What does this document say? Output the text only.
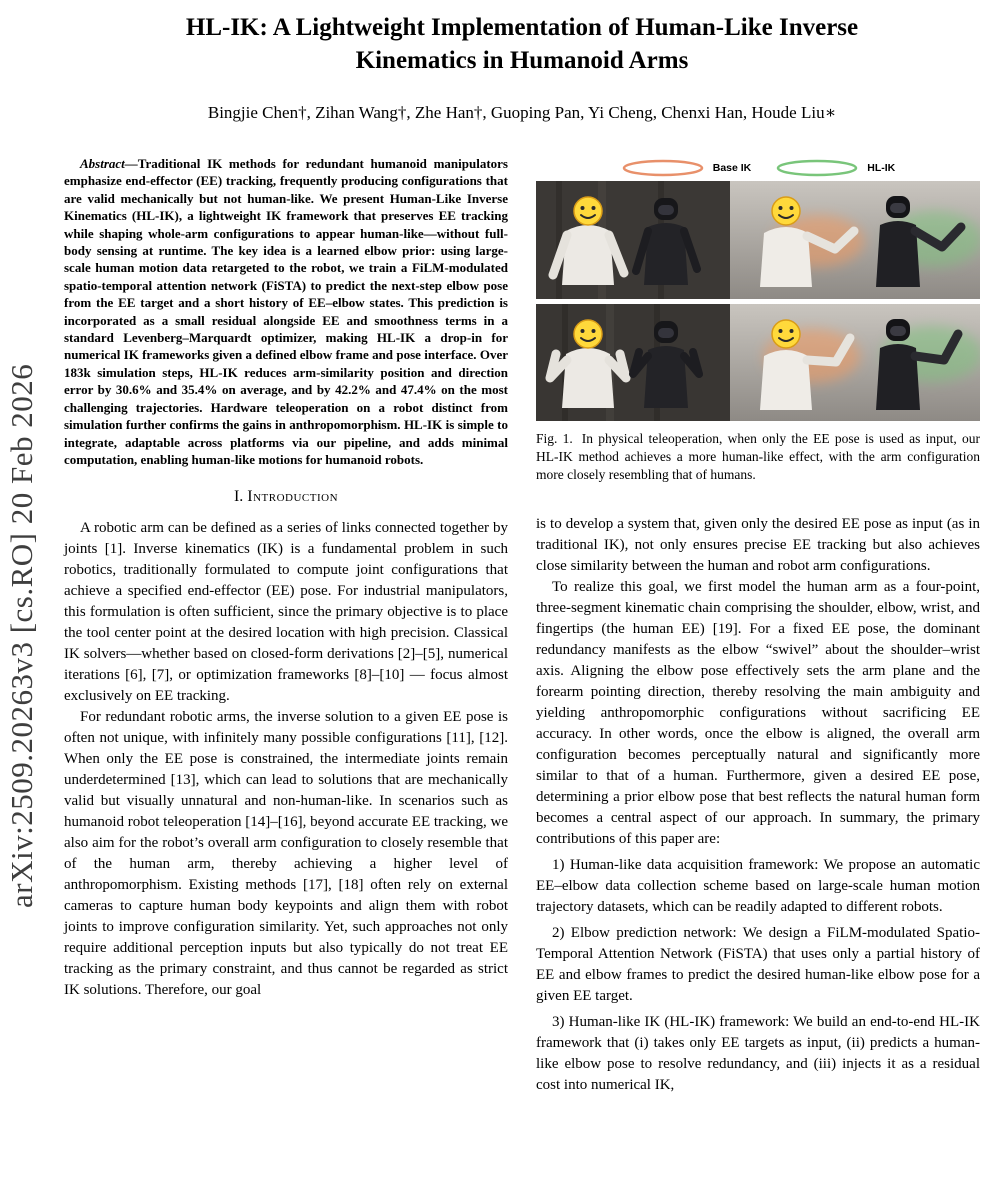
arXiv:2509.20263v3 [cs.RO] 20 Feb 2026
HL-IK: A Lightweight Implementation of Human-Like Inverse
Kinematics in Humanoid Arms
Bingjie Chen†, Zihan Wang†, Zhe Han†, Guoping Pan, Yi Cheng, Chenxi Han, Houde Liu∗

Abstract—Traditional IK methods for redundant humanoid manipulators emphasize end-effector (EE) tracking, frequently producing configurations that are valid mechanically but not human-like. We present Human-Like Inverse Kinematics (HL-IK), a lightweight IK framework that preserves EE tracking while shaping whole-arm configurations to appear human-like—without full-body sensing at runtime. The key idea is a learned elbow prior: using large-scale human motion data retargeted to the robot, we train a FiLM-modulated spatio-temporal attention network (FiSTA) to predict the next-step elbow pose from the EE target and a short history of EE–elbow states. This prediction is incorporated as a small residual alongside EE and smoothness terms in a standard Levenberg–Marquardt optimizer, making HL-IK a drop-in for numerical IK frameworks given a defined elbow frame and pose interface. Over 183k simulation steps, HL-IK reduces arm-similarity position and direction error by 30.6% and 35.4% on average, and by 42.2% and 47.4% on the most challenging trajectories. Hardware teleoperation on a robot distinct from simulation further confirms the gains in anthropomorphism. HL-IK is simple to integrate, adaptable across platforms via our pipeline, and adds minimal computation, enabling human-like motions for humanoid robots.

I. Introduction

A robotic arm can be defined as a series of links connected together by joints [1]. Inverse kinematics (IK) is a fundamental problem in such robotics, traditionally formulated to compute joint configurations that achieve a specified end-effector (EE) pose. For industrial manipulators, this formulation is often sufficient, since the primary objective is to place the tool center point at the desired location with high precision. Classical IK solvers—whether based on closed-form derivations [2]–[5], numerical iterations [6], [7], or optimization frameworks [8]–[10] — focus almost exclusively on EE tracking.

For redundant robotic arms, the inverse solution to a given EE pose is often not unique, with infinitely many possible configurations [11], [12]. When only the EE pose is constrained, the intermediate joints remain underdetermined [13], which can lead to solutions that are mechanically valid but visually unnatural and non-human-like. In scenarios such as humanoid robot teleoperation [14]–[16], beyond accurate EE tracking, we also aim for the robot’s overall arm configuration to closely resemble that of the human arm, thereby achieving a higher level of anthropomorphism. Existing methods [17], [18] often rely on external cameras to capture human body keypoints and align them with robot joints to improve configuration similarity. Yet, such approaches not only require additional perception inputs but also typically do not treat EE tracking as the primary constraint, and thus cannot be regarded as strict IK solutions. Therefore, our goal

Base IK	HL-IK
Fig. 1. In physical teleoperation, when only the EE pose is used as input, our HL-IK method achieves a more human-like effect, with the arm configuration more closely resembling that of humans.

is to develop a system that, given only the desired EE pose as input (as in traditional IK), not only ensures precise EE tracking but also achieves close similarity between the human and robot arm configurations.

To realize this goal, we first model the human arm as a four-point, three-segment kinematic chain comprising the shoulder, elbow, wrist, and fingertips (the human EE) [19]. For a fixed EE pose, the dominant redundancy manifests as the elbow “swivel” about the shoulder–wrist axis. Aligning the elbow pose effectively sets the arm plane and the forearm pointing direction, thereby resolving the main ambiguity and yielding anthropomorphic configurations without sacrificing EE accuracy. In other words, once the elbow is aligned, the overall arm configuration becomes perceptually natural and significantly more similar to that of a human. Furthermore, given a desired EE pose, determining a prior elbow pose that best reflects the natural human form becomes a central aspect of our approach. In summary, the primary contributions of this paper are:

1) Human-like data acquisition framework: We propose an automatic EE–elbow data collection scheme based on large-scale human motion trajectory datasets, which can be readily adapted to different robots.

2) Elbow prediction network: We design a FiLM-modulated Spatio-Temporal Attention Network (FiSTA) that uses only a partial history of EE and elbow frames to predict the desired human-like elbow pose for a given EE target.

3) Human-like IK (HL-IK) framework: We build an end-to-end HL-IK framework that (i) takes only EE targets as input, (ii) predicts a human-like elbow pose to resolve redundancy, and (iii) injects it as a residual cost into numerical IK,
